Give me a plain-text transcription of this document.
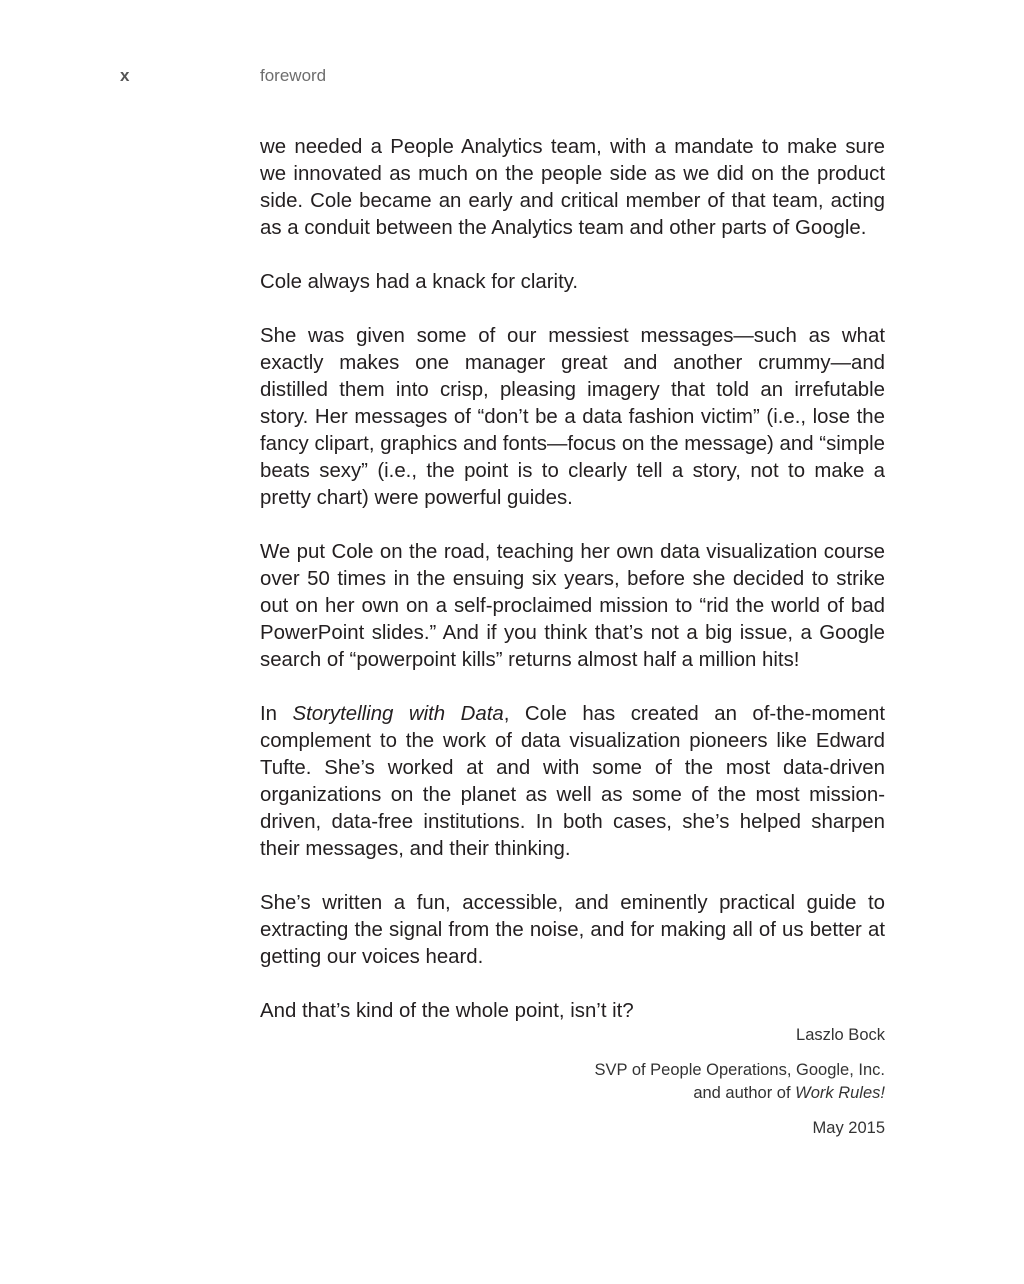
x	foreword

we needed a People Analytics team, with a mandate to make sure we innovated as much on the people side as we did on the product side. Cole became an early and critical member of that team, acting as a conduit between the Analytics team and other parts of Google.

Cole always had a knack for clarity.

She was given some of our messiest messages—such as what exactly makes one manager great and another crummy—and distilled them into crisp, pleasing imagery that told an irrefutable story. Her messages of “don’t be a data fashion victim” (i.e., lose the fancy clipart, graphics and fonts—focus on the message) and “simple beats sexy” (i.e., the point is to clearly tell a story, not to make a pretty chart) were powerful guides.

We put Cole on the road, teaching her own data visualization course over 50 times in the ensuing six years, before she decided to strike out on her own on a self-proclaimed mission to “rid the world of bad PowerPoint slides.” And if you think that’s not a big issue, a Google search of “powerpoint kills” returns almost half a million hits!

In Storytelling with Data, Cole has created an of-the-moment complement to the work of data visualization pioneers like Edward Tufte. She’s worked at and with some of the most data-driven organizations on the planet as well as some of the most mission-driven, data-free institutions. In both cases, she’s helped sharpen their messages, and their thinking.

She’s written a fun, accessible, and eminently practical guide to extracting the signal from the noise, and for making all of us better at getting our voices heard.

And that’s kind of the whole point, isn’t it?

Laszlo Bock
SVP of People Operations, Google, Inc.
and author of Work Rules!
May 2015
